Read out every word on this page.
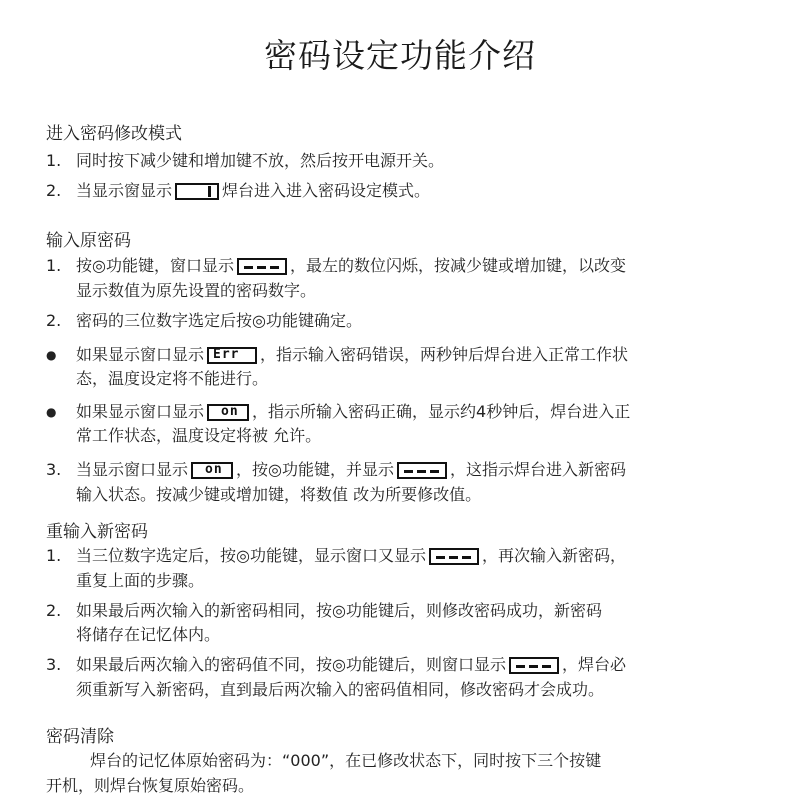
密码设定功能介绍
进入密码修改模式
1. 同时按下减少键和增加键不放，然后按开电源开关。
2. 当显示窗显示	焊台进入进入密码设定模式。
输入原密码
1. 按◎功能键，窗口显示	，最左的数位闪烁，按减少键或增加键，以改变
显示数值为原先设置的密码数字。
2. 密码的三位数字选定后按◎功能键确定。
● 如果显示窗口显示 Err ，指示输入密码错误，两秒钟后焊台进入正常工作状
态，温度设定将不能进行。
● 如果显示窗口显示 on ，指示所输入密码正确，显示约4秒钟后，焊台进入正
常工作状态，温度设定将被 允许。
3. 当显示窗口显示 on ，按◎功能键，并显示	，这指示焊台进入新密码
输入状态。按减少键或增加键，将数值 改为所要修改值。
重输入新密码
1. 当三位数字选定后，按◎功能键，显示窗口又显示	，再次输入新密码，
重复上面的步骤。
2. 如果最后两次输入的新密码相同，按◎功能键后，则修改密码成功，新密码
将储存在记忆体内。
3. 如果最后两次输入的密码值不同，按◎功能键后，则窗口显示	，焊台必
须重新写入新密码，直到最后两次输入的密码值相同，修改密码才会成功。
密码清除
焊台的记忆体原始密码为：“000”，在已修改状态下，同时按下三个按键
开机，则焊台恢复原始密码。
